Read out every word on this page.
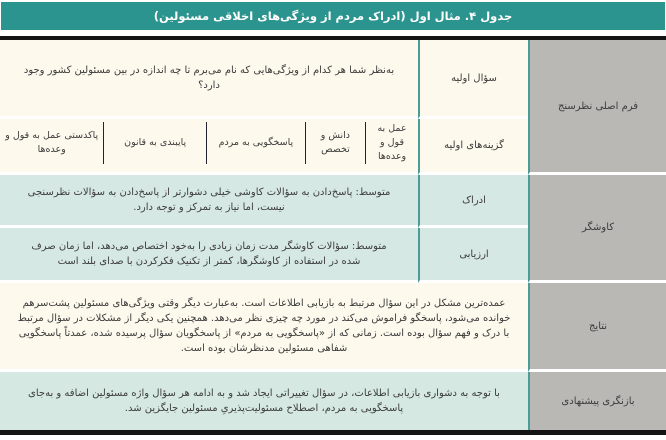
جدول ۴. مثال اول (ادراک مردم از ویژگی‌های اخلاقی مسئولین)
فرم اصلی نظرسنج
کاوشگر
نتایج
بازنگری پیشنهادی
سؤال اولیه
گزینه‌های اولیه
ادراک
ارزیابی
به‌نظر شما هر کدام از ویژگی‌هایی که نام می‌برم تا چه اندازه در بین مسئولین کشور وجود دارد؟
عمل به قول و وعده‌ها
دانش و تخصص
پاسخگویی به مردم
پایبندی به قانون
پاکدستی عمل به قول و وعده‌ها
متوسط: پاسخ‌دادن به سؤالات کاوشی خیلی دشوارتر از پاسخ‌دادن به سؤالات نظرسنجی نیست، اما نیاز به تمرکز و توجه دارد.
متوسط: سؤالات کاوشگر مدت زمان زیادی را به‌خود اختصاص می‌دهد، اما زمان صرف شده در استفاده از کاوشگرها، کمتر از تکنیک فکرکردن با صدای بلند است
عمده‌ترین مشکل در این سؤال مرتبط به بازیابی اطلاعات است. به‌عبارت دیگر وقتی ویژگی‌های مسئولین پشت‌سرهم خوانده می‌شود، پاسخگو فراموش می‌کند در مورد چه چیزی نظر می‌دهد. همچنین یکی دیگر از مشکلات در سؤال مرتبط با درک و فهم سؤال بوده است. زمانی که از «پاسخگویی به مردم» از پاسخگویان سؤال پرسیده شده، عمدتاً پاسخگویی شفاهی مسئولین مدنظرشان بوده است.
با توجه به دشواری بازیابی اطلاعات، در سؤال تغییراتی ایجاد شد و به ادامه هر سؤال واژه مسئولین اضافه و به‌جای پاسخگویی به مردم، اصطلاح مسئولیت‌پذیریِ مسئولین جایگزین شد.
